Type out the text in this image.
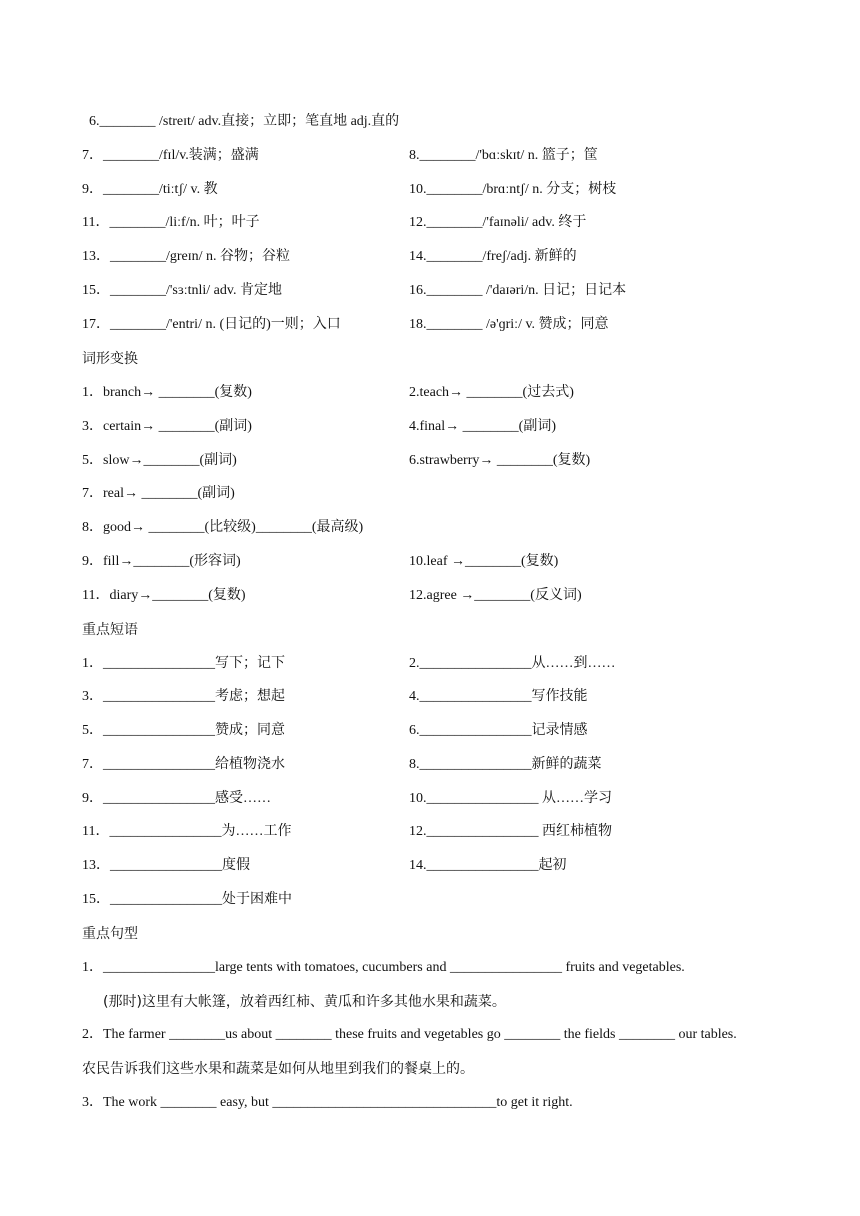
6.________ /streɪt/ adv.直接；立即；笔直地 adj.直的
7．________/fɪl/v.装满；盛满	8.________/'bɑːskɪt/ n. 篮子；筐
9．________/tiːtʃ/ v. 教	10.________/brɑːntʃ/ n. 分支；树枝
11．________/liːf/n. 叶；叶子	12.________/'faɪnəli/ adv. 终于
13．________/greɪn/ n. 谷物；谷粒	14.________/freʃ/adj. 新鲜的
15．________/'sɜːtnli/ adv. 肯定地	16.________ /'daɪəri/n. 日记；日记本
17．________/'entri/ n. (日记的)一则；入口	18.________ /ə'ɡriː/ v. 赞成；同意
词形变换
1．branch→ ________(复数)	2.teach→ ________(过去式)
3．certain→ ________(副词)	4.final→ ________(副词)
5．slow→________(副词)	6.strawberry→ ________(复数)
7．real→ ________(副词)
8．good→ ________(比较级)________(最高级)
9．fill→________(形容词)	10.leaf →________(复数)
11．diary→________(复数)	12.agree →________(反义词)
重点短语
1．________________写下；记下	2.________________从……到……
3．________________考虑；想起	4.________________写作技能
5．________________赞成；同意	6.________________记录情感
7．________________给植物浇水	8.________________新鲜的蔬菜
9．________________感受……	10.________________ 从……学习
11．________________为……工作	12.________________ 西红柿植物
13．________________度假	14.________________起初
15．________________处于困难中
重点句型
1．________________large tents with tomatoes, cucumbers and ________________ fruits and vegetables.
(那时)这里有大帐篷，放着西红柿、黄瓜和许多其他水果和蔬菜。
2．The farmer ________us about ________ these fruits and vegetables go ________ the fields ________ our tables.
农民告诉我们这些水果和蔬菜是如何从地里到我们的餐桌上的。
3．The work ________ easy, but ________________________________to get it right.
